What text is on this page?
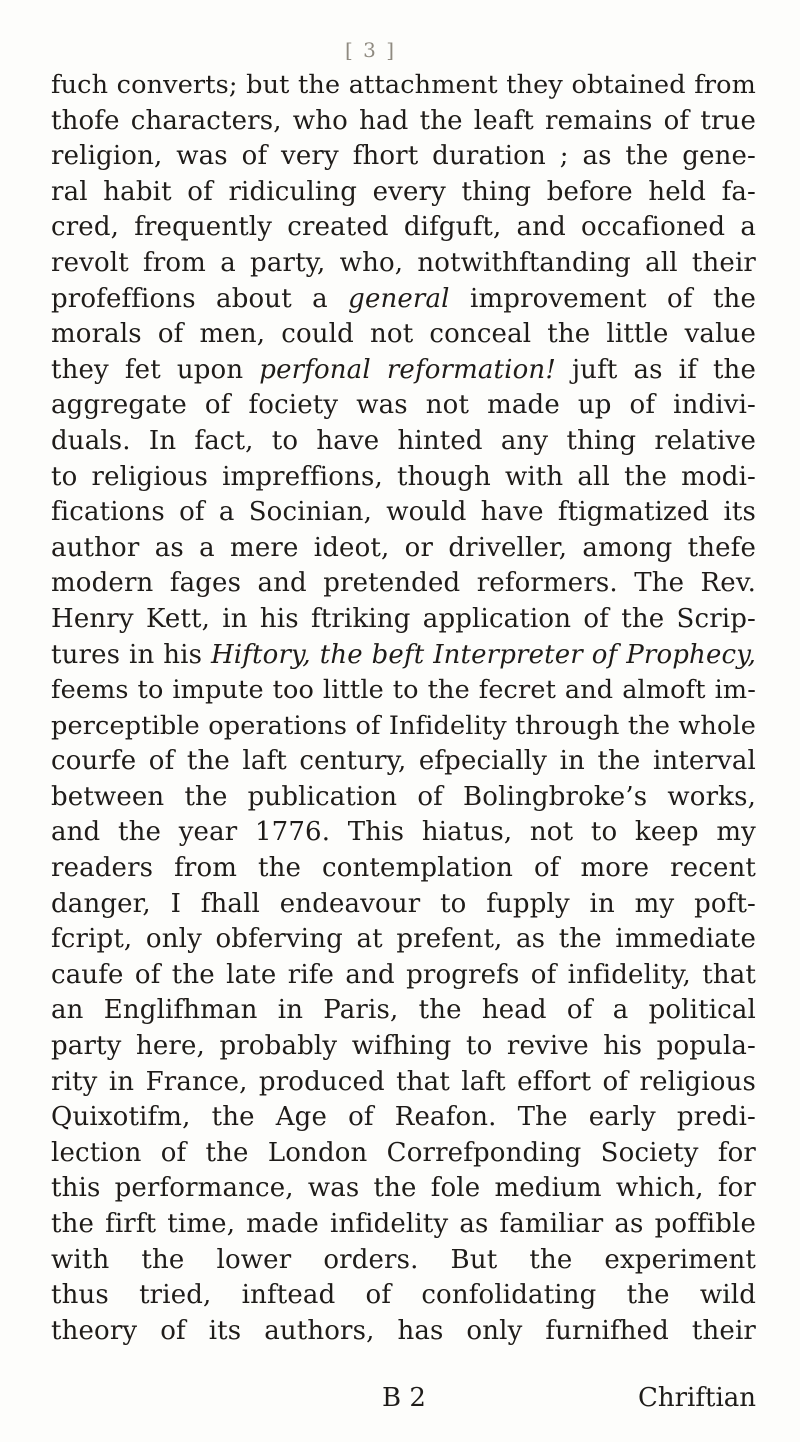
[ 3 ]
fuch converts; but the attachment they obtained from
thofe characters, who had the leaft remains of true
religion, was of very fhort duration ; as the gene-
ral habit of ridiculing every thing before held fa-
cred, frequently created difguft, and occafioned a
revolt from a party, who, notwithftanding all their
profeffions about a general improvement of the
morals of men, could not conceal the little value
they fet upon perfonal reformation! juft as if the
aggregate of fociety was not made up of indivi-
duals. In fact, to have hinted any thing relative
to religious impreffions, though with all the modi-
fications of a Socinian, would have ftigmatized its
author as a mere ideot, or driveller, among thefe
modern fages and pretended reformers. The Rev.
Henry Kett, in his ftriking application of the Scrip-
tures in his Hiftory, the beft Interpreter of Prophecy,
feems to impute too little to the fecret and almoft im-
perceptible operations of Infidelity through the whole
courfe of the laft century, efpecially in the interval
between the publication of Bolingbroke’s works,
and the year 1776. This hiatus, not to keep my
readers from the contemplation of more recent
danger, I fhall endeavour to fupply in my poft-
fcript, only obferving at prefent, as the immediate
caufe of the late rife and progrefs of infidelity, that
an Englifhman in Paris, the head of a political
party here, probably wifhing to revive his popula-
rity in France, produced that laft effort of religious
Quixotifm, the Age of Reafon. The early predi-
lection of the London Correfponding Society for
this performance, was the fole medium which, for
the firft time, made infidelity as familiar as poffible
with the lower orders. But the experiment
thus tried, inftead of confolidating the wild
theory of its authors, has only furnifhed their
B 2	Chriftian
